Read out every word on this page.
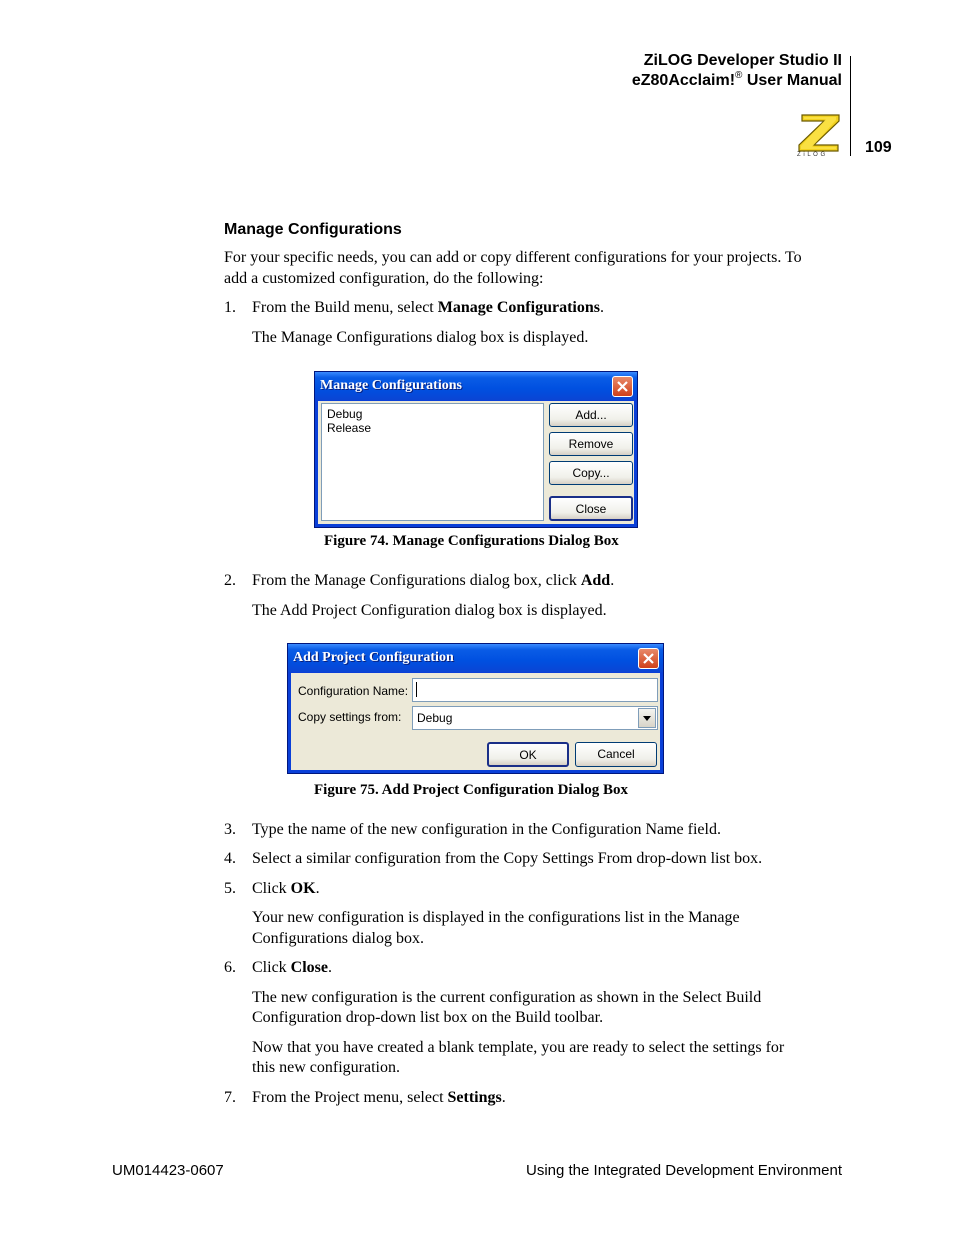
ZiLOG Developer Studio II
eZ80Acclaim!® User Manual
Z i L O G 109
Manage Configurations
For your specific needs, you can add or copy different configurations for your projects. To
add a customized configuration, do the following:
1. From the Build menu, select Manage Configurations.
The Manage Configurations dialog box is displayed.
Manage Configurations
Debug
Release
Add...
Remove
Copy...
Close
Figure 74. Manage Configurations Dialog Box
2. From the Manage Configurations dialog box, click Add.
The Add Project Configuration dialog box is displayed.
Add Project Configuration
Configuration Name:
Copy settings from: Debug
OK	Cancel
Figure 75. Add Project Configuration Dialog Box
3. Type the name of the new configuration in the Configuration Name field.
4. Select a similar configuration from the Copy Settings From drop-down list box.
5. Click OK.
Your new configuration is displayed in the configurations list in the Manage
Configurations dialog box.
6. Click Close.
The new configuration is the current configuration as shown in the Select Build
Configuration drop-down list box on the Build toolbar.
Now that you have created a blank template, you are ready to select the settings for
this new configuration.
7. From the Project menu, select Settings.
UM014423-0607	Using the Integrated Development Environment
